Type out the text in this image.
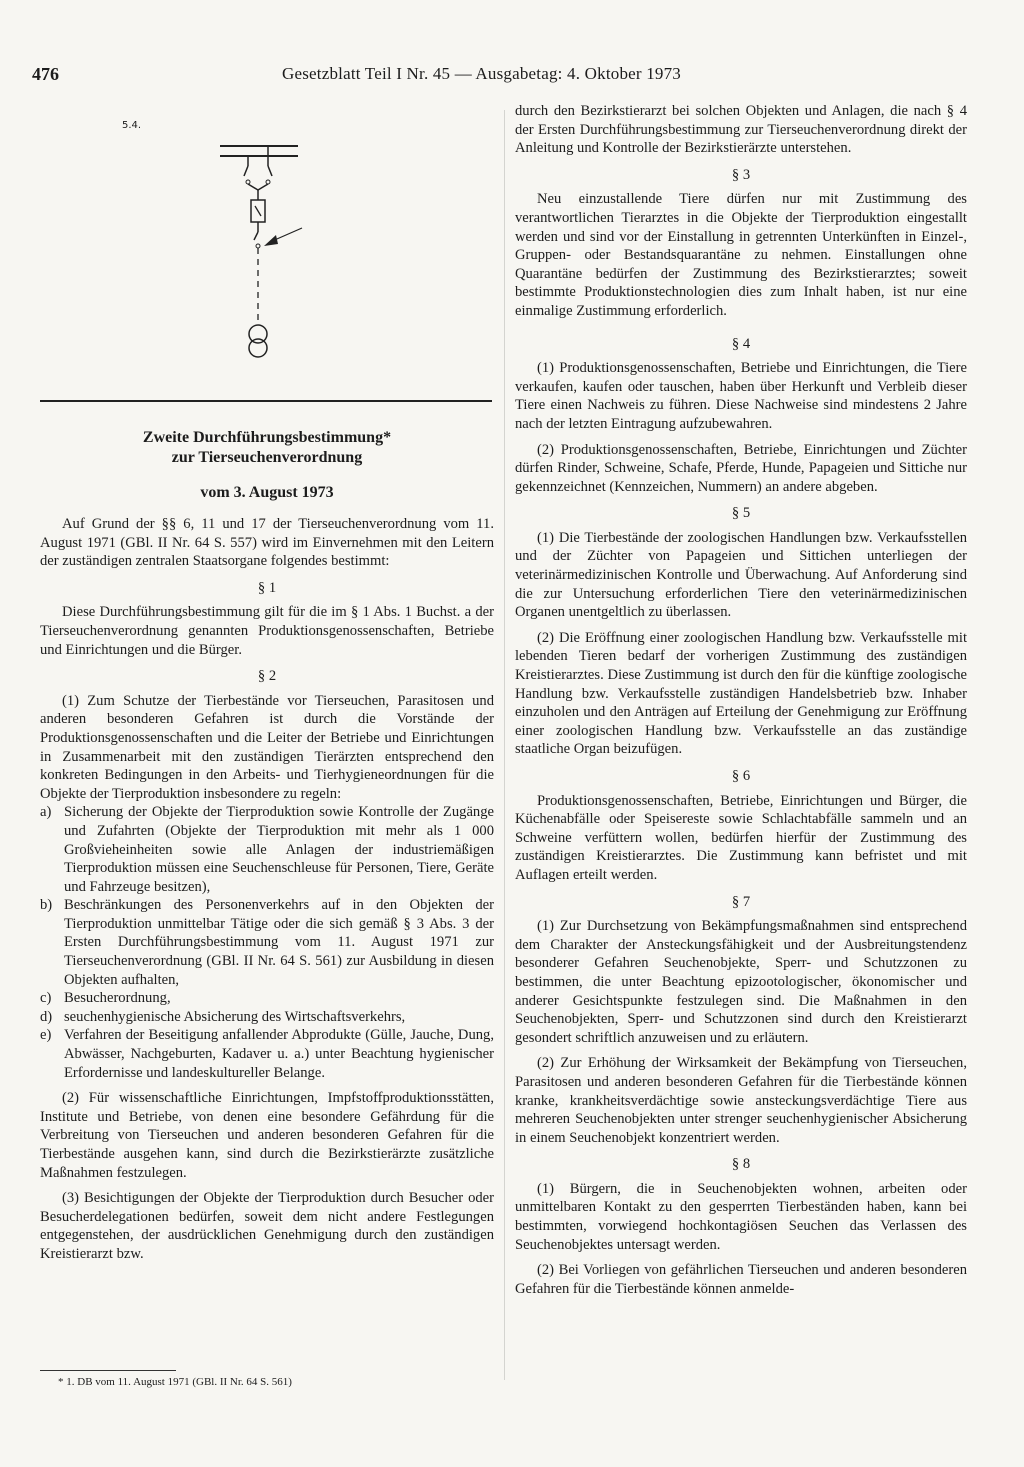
476	Gesetzblatt Teil I Nr. 45 — Ausgabetag: 4. Oktober 1973
5.4.
Zweite Durchführungsbestimmung*
zur Tierseuchenverordnung
vom 3. August 1973

Auf Grund der §§ 6, 11 und 17 der Tierseuchenverordnung vom 11. August 1971 (GBl. II Nr. 64 S. 557) wird im Einvernehmen mit den Leitern der zuständigen zentralen Staatsorgane folgendes bestimmt:

§ 1

Diese Durchführungsbestimmung gilt für die im § 1 Abs. 1 Buchst. a der Tierseuchenverordnung genannten Produktionsgenossenschaften, Betriebe und Einrichtungen und die Bürger.

§ 2

(1) Zum Schutze der Tierbestände vor Tierseuchen, Parasitosen und anderen besonderen Gefahren ist durch die Vorstände der Produktionsgenossenschaften und die Leiter der Betriebe und Einrichtungen in Zusammenarbeit mit den zuständigen Tierärzten entsprechend den konkreten Bedingungen in den Arbeits- und Tierhygieneordnungen für die Objekte der Tierproduktion insbesondere zu regeln:

a) Sicherung der Objekte der Tierproduktion sowie Kontrolle der Zugänge und Zufahrten (Objekte der Tierproduktion mit mehr als 1 000 Großvieheinheiten sowie alle Anlagen der industriemäßigen Tierproduktion müssen eine Seuchenschleuse für Personen, Tiere, Geräte und Fahrzeuge besitzen),
b) Beschränkungen des Personenverkehrs auf in den Objekten der Tierproduktion unmittelbar Tätige oder die sich gemäß § 3 Abs. 3 der Ersten Durchführungsbestimmung vom 11. August 1971 zur Tierseuchenverordnung (GBl. II Nr. 64 S. 561) zur Ausbildung in diesen Objekten aufhalten,
c) Besucherordnung,
d) seuchenhygienische Absicherung des Wirtschaftsverkehrs,
e) Verfahren der Beseitigung anfallender Abprodukte (Gülle, Jauche, Dung, Abwässer, Nachgeburten, Kadaver u. a.) unter Beachtung hygienischer Erfordernisse und landeskultureller Belange.

(2) Für wissenschaftliche Einrichtungen, Impfstoffproduktionsstätten, Institute und Betriebe, von denen eine besondere Gefährdung für die Verbreitung von Tierseuchen und anderen besonderen Gefahren für die Tierbestände ausgehen kann, sind durch die Bezirkstierärzte zusätzliche Maßnahmen festzulegen.

(3) Besichtigungen der Objekte der Tierproduktion durch Besucher oder Besucherdelegationen bedürfen, soweit dem nicht andere Festlegungen entgegenstehen, der ausdrücklichen Genehmigung durch den zuständigen Kreistierarzt bzw.

* 1. DB vom 11. August 1971 (GBl. II Nr. 64 S. 561)

durch den Bezirkstierarzt bei solchen Objekten und Anlagen, die nach § 4 der Ersten Durchführungsbestimmung zur Tierseuchenverordnung direkt der Anleitung und Kontrolle der Bezirkstierärzte unterstehen.

§ 3

Neu einzustallende Tiere dürfen nur mit Zustimmung des verantwortlichen Tierarztes in die Objekte der Tierproduktion eingestallt werden und sind vor der Einstallung in getrennten Unterkünften in Einzel-, Gruppen- oder Bestandsquarantäne zu nehmen. Einstallungen ohne Quarantäne bedürfen der Zustimmung des Bezirkstierarztes; soweit bestimmte Produktionstechnologien dies zum Inhalt haben, ist nur eine einmalige Zustimmung erforderlich.

§ 4

(1) Produktionsgenossenschaften, Betriebe und Einrichtungen, die Tiere verkaufen, kaufen oder tauschen, haben über Herkunft und Verbleib dieser Tiere einen Nachweis zu führen. Diese Nachweise sind mindestens 2 Jahre nach der letzten Eintragung aufzubewahren.

(2) Produktionsgenossenschaften, Betriebe, Einrichtungen und Züchter dürfen Rinder, Schweine, Schafe, Pferde, Hunde, Papageien und Sittiche nur gekennzeichnet (Kennzeichen, Nummern) an andere abgeben.

§ 5

(1) Die Tierbestände der zoologischen Handlungen bzw. Verkaufsstellen und der Züchter von Papageien und Sittichen unterliegen der veterinärmedizinischen Kontrolle und Überwachung. Auf Anforderung sind die zur Untersuchung erforderlichen Tiere den veterinärmedizinischen Organen unentgeltlich zu überlassen.

(2) Die Eröffnung einer zoologischen Handlung bzw. Verkaufsstelle mit lebenden Tieren bedarf der vorherigen Zustimmung des zuständigen Kreistierarztes. Diese Zustimmung ist durch den für die künftige zoologische Handlung bzw. Verkaufsstelle zuständigen Handelsbetrieb bzw. Inhaber einzuholen und den Anträgen auf Erteilung der Genehmigung zur Eröffnung einer zoologischen Handlung bzw. Verkaufsstelle an das zuständige staatliche Organ beizufügen.

§ 6

Produktionsgenossenschaften, Betriebe, Einrichtungen und Bürger, die Küchenabfälle oder Speisereste sowie Schlachtabfälle sammeln und an Schweine verfüttern wollen, bedürfen hierfür der Zustimmung des zuständigen Kreistierarztes. Die Zustimmung kann befristet und mit Auflagen erteilt werden.

§ 7

(1) Zur Durchsetzung von Bekämpfungsmaßnahmen sind entsprechend dem Charakter der Ansteckungsfähigkeit und der Ausbreitungstendenz besonderer Gefahren Seuchenobjekte, Sperr- und Schutzzonen zu bestimmen, die unter Beachtung epizootologischer, ökonomischer und anderer Gesichtspunkte festzulegen sind. Die Maßnahmen in den Seuchenobjekten, Sperr- und Schutzzonen sind durch den Kreistierarzt gesondert schriftlich anzuweisen und zu erläutern.

(2) Zur Erhöhung der Wirksamkeit der Bekämpfung von Tierseuchen, Parasitosen und anderen besonderen Gefahren für die Tierbestände können kranke, krankheitsverdächtige sowie ansteckungsverdächtige Tiere aus mehreren Seuchenobjekten unter strenger seuchenhygienischer Absicherung in einem Seuchenobjekt konzentriert werden.

§ 8

(1) Bürgern, die in Seuchenobjekten wohnen, arbeiten oder unmittelbaren Kontakt zu den gesperrten Tierbeständen haben, kann bei bestimmten, vorwiegend hochkontagiösen Seuchen das Verlassen des Seuchenobjektes untersagt werden.

(2) Bei Vorliegen von gefährlichen Tierseuchen und anderen besonderen Gefahren für die Tierbestände können anmelde-
